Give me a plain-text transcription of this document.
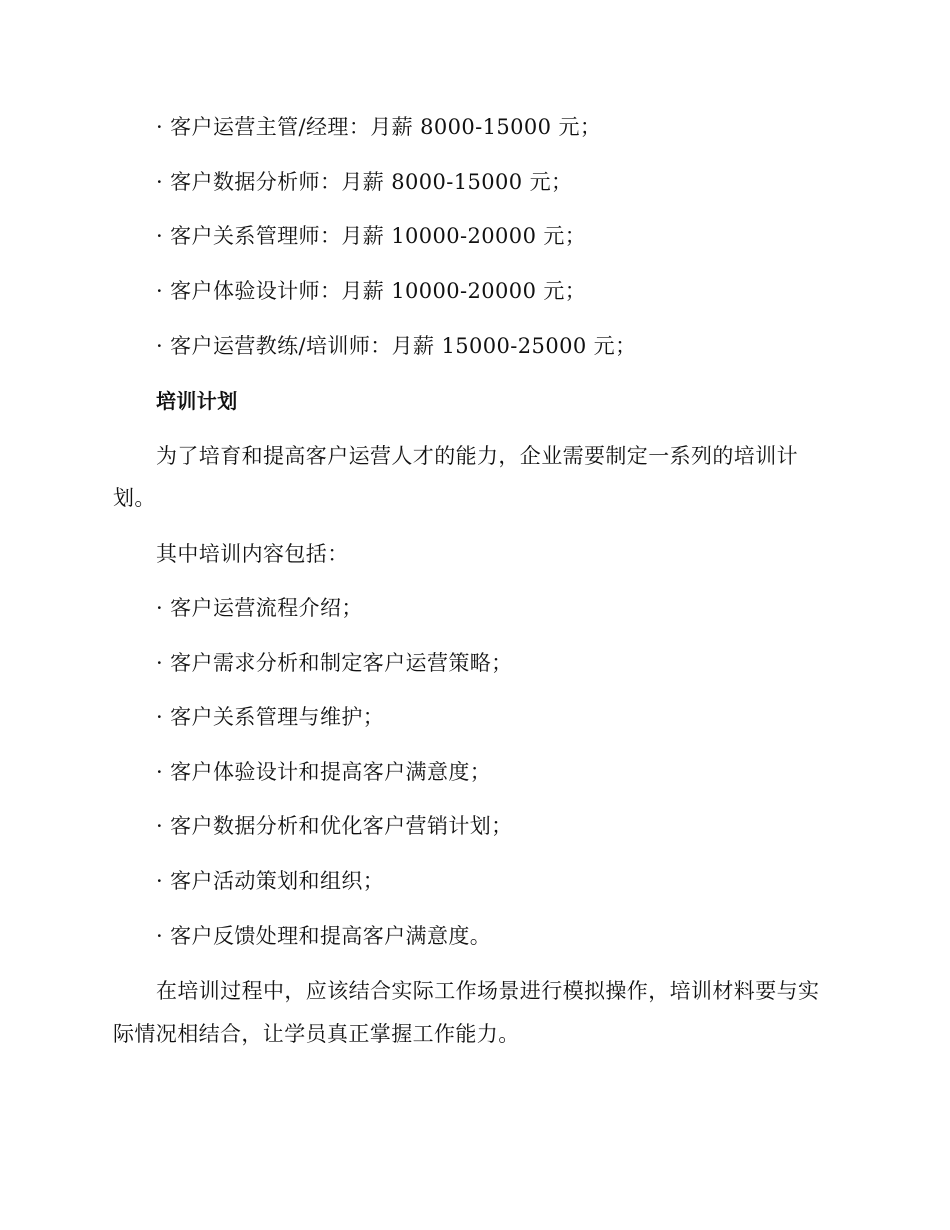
· 客户运营主管/经理：月薪 8000-15000 元；
· 客户数据分析师：月薪 8000-15000 元；
· 客户关系管理师：月薪 10000-20000 元；
· 客户体验设计师：月薪 10000-20000 元；
· 客户运营教练/培训师：月薪 15000-25000 元；
培训计划
为了培育和提高客户运营人才的能力，企业需要制定一系列的培训计
划。
其中培训内容包括：
· 客户运营流程介绍；
· 客户需求分析和制定客户运营策略；
· 客户关系管理与维护；
· 客户体验设计和提高客户满意度；
· 客户数据分析和优化客户营销计划；
· 客户活动策划和组织；
· 客户反馈处理和提高客户满意度。
在培训过程中，应该结合实际工作场景进行模拟操作，培训材料要与实
际情况相结合，让学员真正掌握工作能力。
